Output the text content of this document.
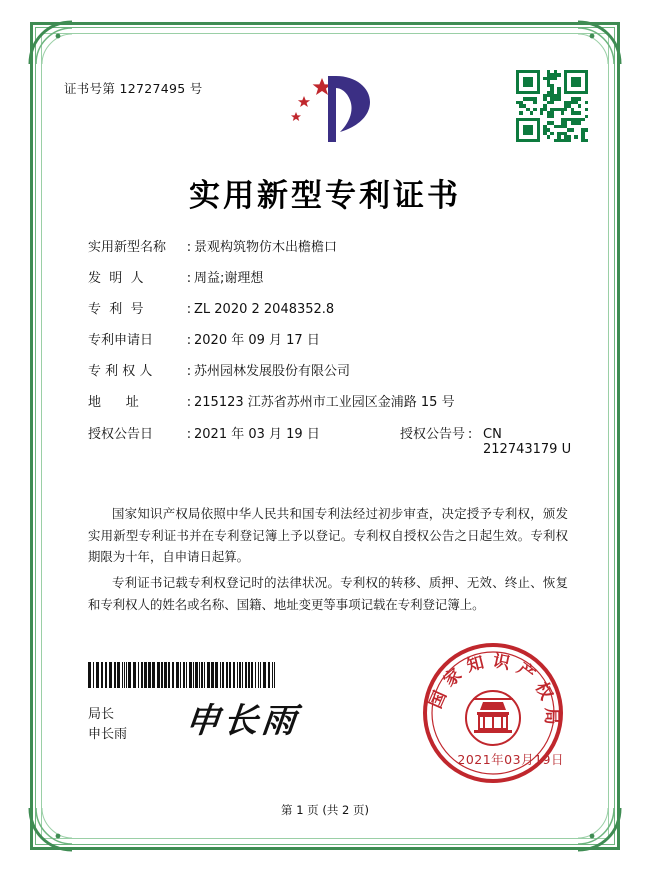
证书号第 12727495 号
实用新型专利证书
实用新型名称 : 景观构筑物仿木出檐檐口
发  明  人	: 周益;谢理想
专  利  号	: ZL 2020 2 2048352.8
专利申请日	: 2020 年 09 月 17 日
专 利 权 人	: 苏州园林发展股份有限公司
地      址	: 215123 江苏省苏州市工业园区金浦路 15 号
授权公告日	: 2021 年 03 月 19 日	授权公告号 : CN 212743179 U

国家知识产权局依照中华人民共和国专利法经过初步审查，决定授予专利权，颁发实用新型专利证书并在专利登记簿上予以登记。专利权自授权公告之日起生效。专利权期限为十年，自申请日起算。

专利证书记载专利权登记时的法律状况。专利权的转移、质押、无效、终止、恢复和专利权人的姓名或名称、国籍、地址变更等事项记载在专利登记簿上。

局长
申长雨	申长雨
国家知识产权局
2021年03月19日
第 1 页 (共 2 页)
